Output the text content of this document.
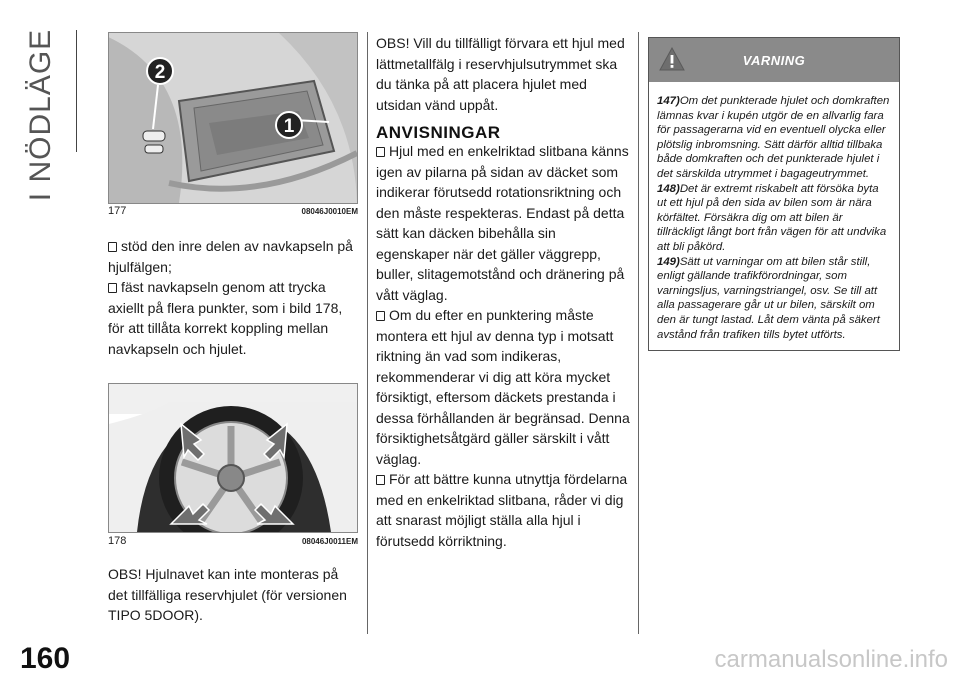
I NÖDLÄGE
160	carmanualsonline.info
2
1
177	08046J0010EM

stöd den inre delen av navkapseln på hjulfälgen;

fäst navkapseln genom att trycka axiellt på flera punkter, som i bild 178, för att tillåta korrekt koppling mellan navkapseln och hjulet.

178	08046J0011EM

OBS! Hjulnavet kan inte monteras på det tillfälliga reservhjulet (för versionen TIPO 5DOOR).

OBS! Vill du tillfälligt förvara ett hjul med lättmetallfälg i reservhjulsutrymmet ska du tänka på att placera hjulet med utsidan vänd uppåt.

ANVISNINGAR

Hjul med en enkelriktad slitbana känns igen av pilarna på sidan av däcket som indikerar förutsedd rotationsriktning och den måste respekteras. Endast på detta sätt kan däcken bibehålla sin egenskaper när det gäller väggrepp, buller, slitagemotstånd och dränering på vått väglag.

Om du efter en punktering måste montera ett hjul av denna typ i motsatt riktning än vad som indikeras, rekommenderar vi dig att köra mycket försiktigt, eftersom däckets prestanda i dessa förhållanden är begränsad. Denna försiktighetsåtgärd gäller särskilt i vått väglag.

För att bättre kunna utnyttja fördelarna med en enkelriktad slitbana, råder vi dig att snarast möjligt ställa alla hjul i förutsedd körriktning.

VARNING

147)Om det punkterade hjulet och domkraften lämnas kvar i kupén utgör de en allvarlig fara för passagerarna vid en eventuell olycka eller plötslig inbromsning. Sätt därför alltid tillbaka både domkraften och det punkterade hjulet i det särskilda utrymmet i bagageutrymmet.

148)Det är extremt riskabelt att försöka byta ut ett hjul på den sida av bilen som är nära körfältet. Försäkra dig om att bilen är tillräckligt långt bort från vägen för att undvika att bli påkörd.

149)Sätt ut varningar om att bilen står still, enligt gällande trafikförordningar, som varningsljus, varningstriangel, osv. Se till att alla passagerare går ut ur bilen, särskilt om den är tungt lastad. Låt dem vänta på säkert avstånd från trafiken tills bytet utförts.
